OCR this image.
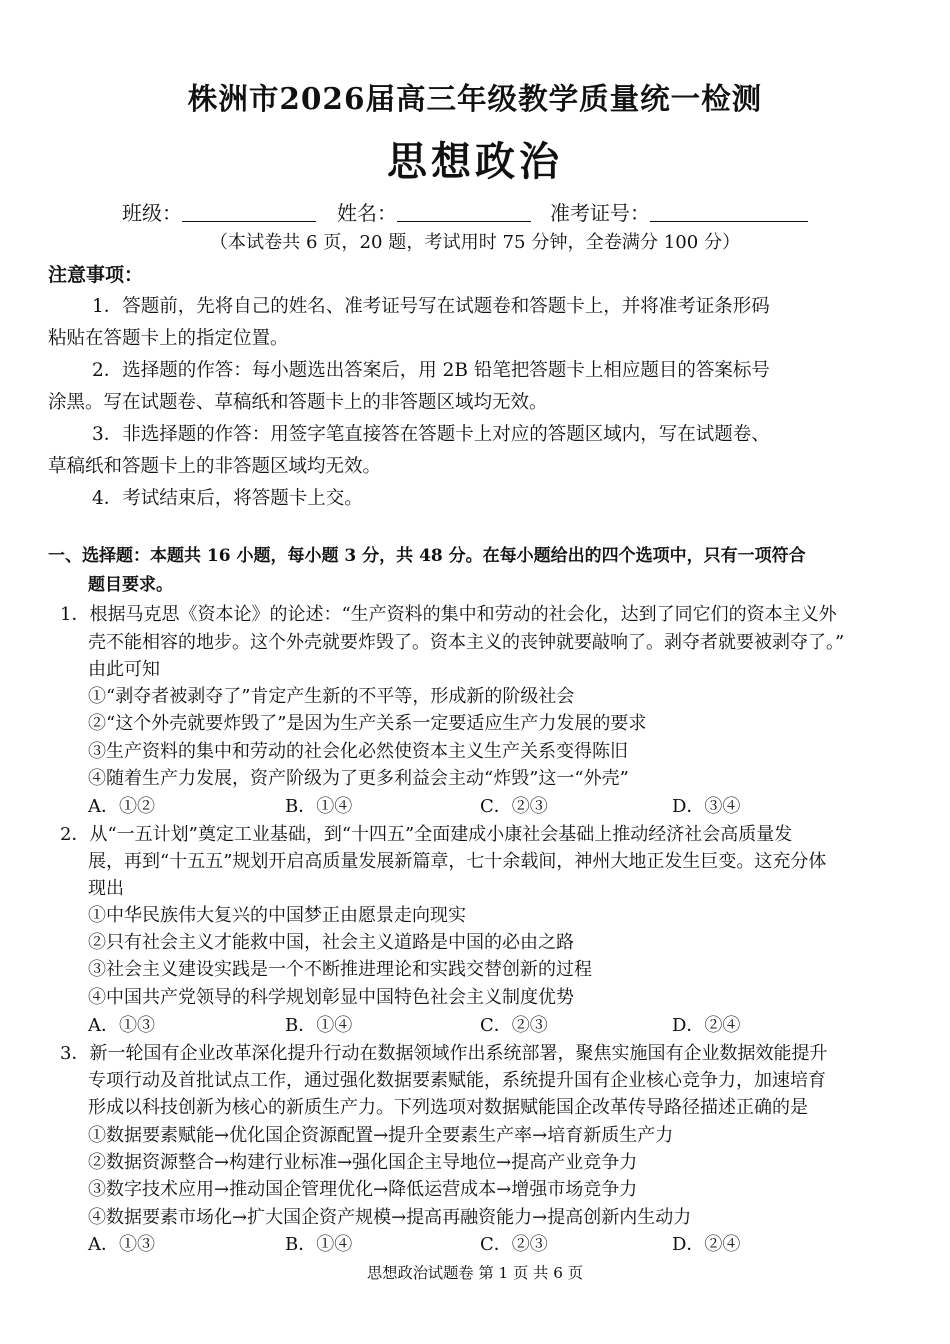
株洲市2026届高三年级教学质量统一检测
思想政治
班级：	姓名：	准考证号：
（本试卷共 6 页，20 题，考试用时 75 分钟，全卷满分 100 分）
注意事项：
1．答题前，先将自己的姓名、准考证号写在试题卷和答题卡上，并将准考证条形码
粘贴在答题卡上的指定位置。
2．选择题的作答：每小题选出答案后，用 2B 铅笔把答题卡上相应题目的答案标号
涂黑。写在试题卷、草稿纸和答题卡上的非答题区域均无效。
3．非选择题的作答：用签字笔直接答在答题卡上对应的答题区域内，写在试题卷、
草稿纸和答题卡上的非答题区域均无效。
4．考试结束后，将答题卡上交。
一、选择题：本题共 16 小题，每小题 3 分，共 48 分。在每小题给出的四个选项中，只有一项符合
题目要求。
1．根据马克思《资本论》的论述：“生产资料的集中和劳动的社会化，达到了同它们的资本主义外
壳不能相容的地步。这个外壳就要炸毁了。资本主义的丧钟就要敲响了。剥夺者就要被剥夺了。”
由此可知
①“剥夺者被剥夺了”肯定产生新的不平等，形成新的阶级社会
②“这个外壳就要炸毁了”是因为生产关系一定要适应生产力发展的要求
③生产资料的集中和劳动的社会化必然使资本主义生产关系变得陈旧
④随着生产力发展，资产阶级为了更多利益会主动“炸毁”这一“外壳”
A．①②	B．①④	C．②③	D．③④
2．从“一五计划”奠定工业基础，到“十四五”全面建成小康社会基础上推动经济社会高质量发
展，再到“十五五”规划开启高质量发展新篇章，七十余载间，神州大地正发生巨变。这充分体
现出
①中华民族伟大复兴的中国梦正由愿景走向现实
②只有社会主义才能救中国，社会主义道路是中国的必由之路
③社会主义建设实践是一个不断推进理论和实践交替创新的过程
④中国共产党领导的科学规划彰显中国特色社会主义制度优势
A．①③	B．①④	C．②③	D．②④
3．新一轮国有企业改革深化提升行动在数据领域作出系统部署，聚焦实施国有企业数据效能提升
专项行动及首批试点工作，通过强化数据要素赋能，系统提升国有企业核心竞争力，加速培育
形成以科技创新为核心的新质生产力。下列选项对数据赋能国企改革传导路径描述正确的是
①数据要素赋能→优化国企资源配置→提升全要素生产率→培育新质生产力
②数据资源整合→构建行业标准→强化国企主导地位→提高产业竞争力
③数字技术应用→推动国企管理优化→降低运营成本→增强市场竞争力
④数据要素市场化→扩大国企资产规模→提高再融资能力→提高创新内生动力
A．①③	B．①④	C．②③	D．②④
思想政治试题卷 第 1 页 共 6 页
